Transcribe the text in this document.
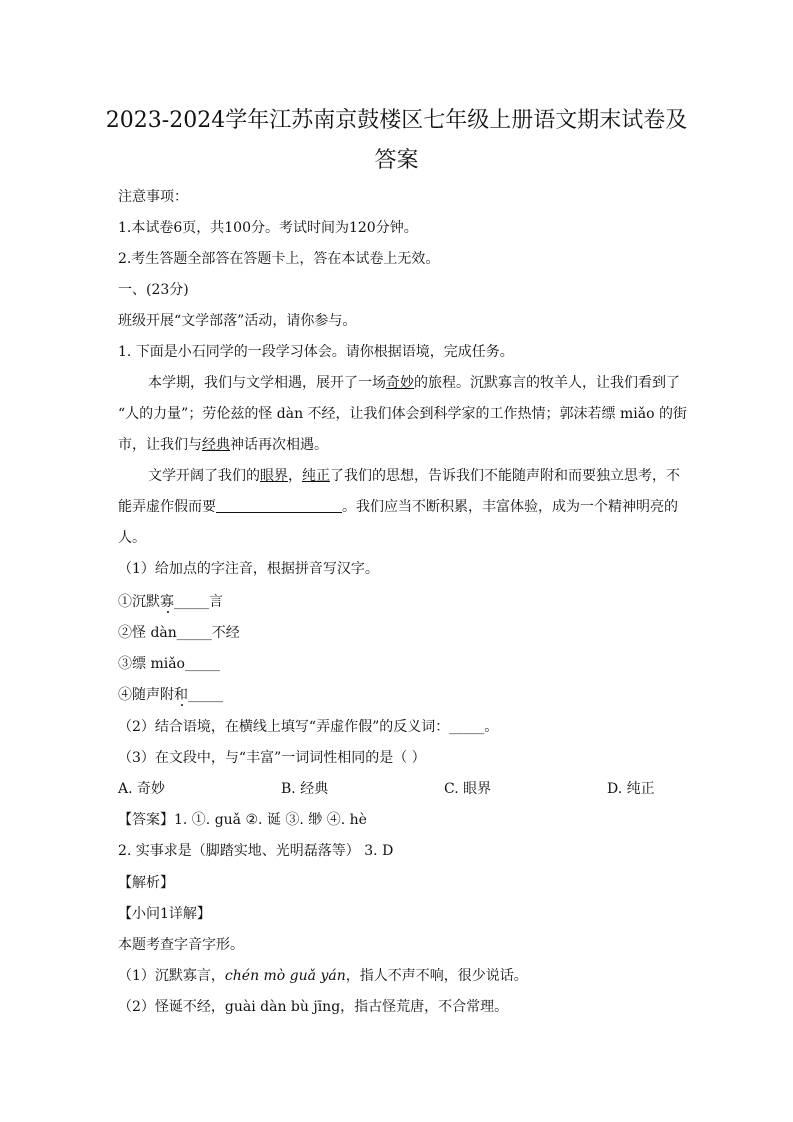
2023-2024学年江苏南京鼓楼区七年级上册语文期末试卷及
答案
注意事项：
1.本试卷6页，共100分。考试时间为120分钟。
2.考生答题全部答在答题卡上，答在本试卷上无效。
一、(23分)
班级开展“文学部落”活动，请你参与。
1. 下面是小石同学的一段学习体会。请你根据语境，完成任务。
本学期，我们与文学相遇，展开了一场奇妙的旅程。沉默寡言的牧羊人，让我们看到了
“人的力量”；劳伦兹的怪 dàn 不经，让我们体会到科学家的工作热情；郭沫若缥 miǎo 的街
市，让我们与经典神话再次相遇。
文学开阔了我们的眼界，纯正了我们的思想，告诉我们不能随声附和而要独立思考，不
能弄虚作假而要	。我们应当不断积累，丰富体验，成为一个精神明亮的
人。
（1）给加点的字注音，根据拼音写汉字。
①沉默寡_____言
②怪 dàn_____不经
③缥 miǎo_____
④随声附和_____
（2）结合语境，在横线上填写“弄虚作假”的反义词：_____。
（3）在文段中，与“丰富”一词词性相同的是（ ）
A. 奇妙	B. 经典	C. 眼界	D. 纯正
【答案】1. ①. guǎ ②. 诞 ③. 缈 ④. hè
2. 实事求是（脚踏实地、光明磊落等） 3. D
【解析】
【小问1详解】
本题考查字音字形。
（1）沉默寡言，chén mò guǎ yán，指人不声不响，很少说话。
（2）怪诞不经，guài dàn bù jīng，指古怪荒唐，不合常理。
